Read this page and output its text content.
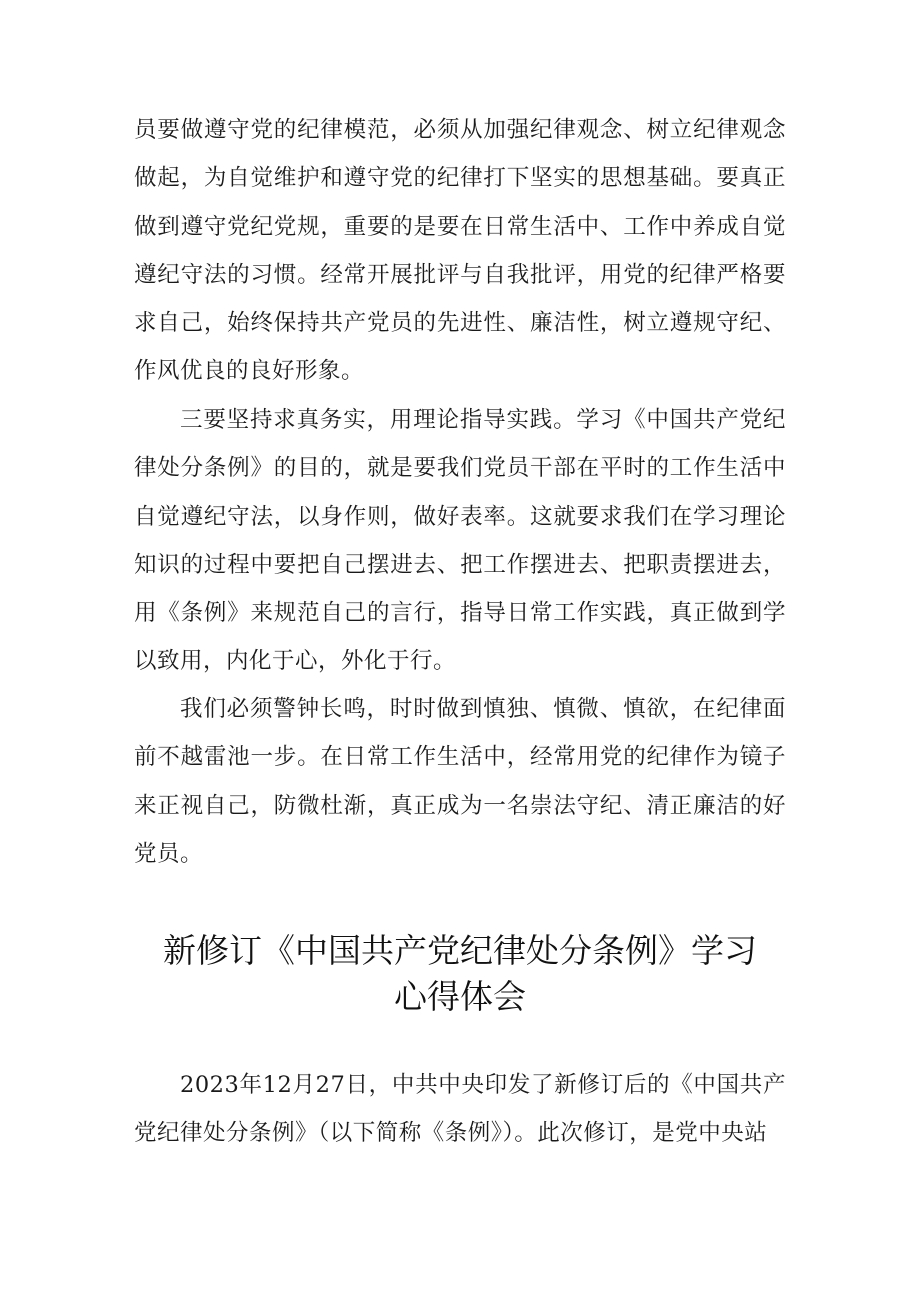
员要做遵守党的纪律模范，必须从加强纪律观念、树立纪律观念做起，为自觉维护和遵守党的纪律打下坚实的思想基础。要真正做到遵守党纪党规，重要的是要在日常生活中、工作中养成自觉遵纪守法的习惯。经常开展批评与自我批评，用党的纪律严格要求自己，始终保持共产党员的先进性、廉洁性，树立遵规守纪、作风优良的良好形象。

三要坚持求真务实，用理论指导实践。学习《中国共产党纪律处分条例》的目的，就是要我们党员干部在平时的工作生活中自觉遵纪守法，以身作则，做好表率。这就要求我们在学习理论知识的过程中要把自己摆进去、把工作摆进去、把职责摆进去，用《条例》来规范自己的言行，指导日常工作实践，真正做到学以致用，内化于心，外化于行。

我们必须警钟长鸣，时时做到慎独、慎微、慎欲，在纪律面前不越雷池一步。在日常工作生活中，经常用党的纪律作为镜子来正视自己，防微杜渐，真正成为一名崇法守纪、清正廉洁的好党员。

新修订《中国共产党纪律处分条例》学习
心得体会

2023年12月27日，中共中央印发了新修订后的《中国共产党纪律处分条例》（以下简称《条例》）。此次修订，是党中央站
